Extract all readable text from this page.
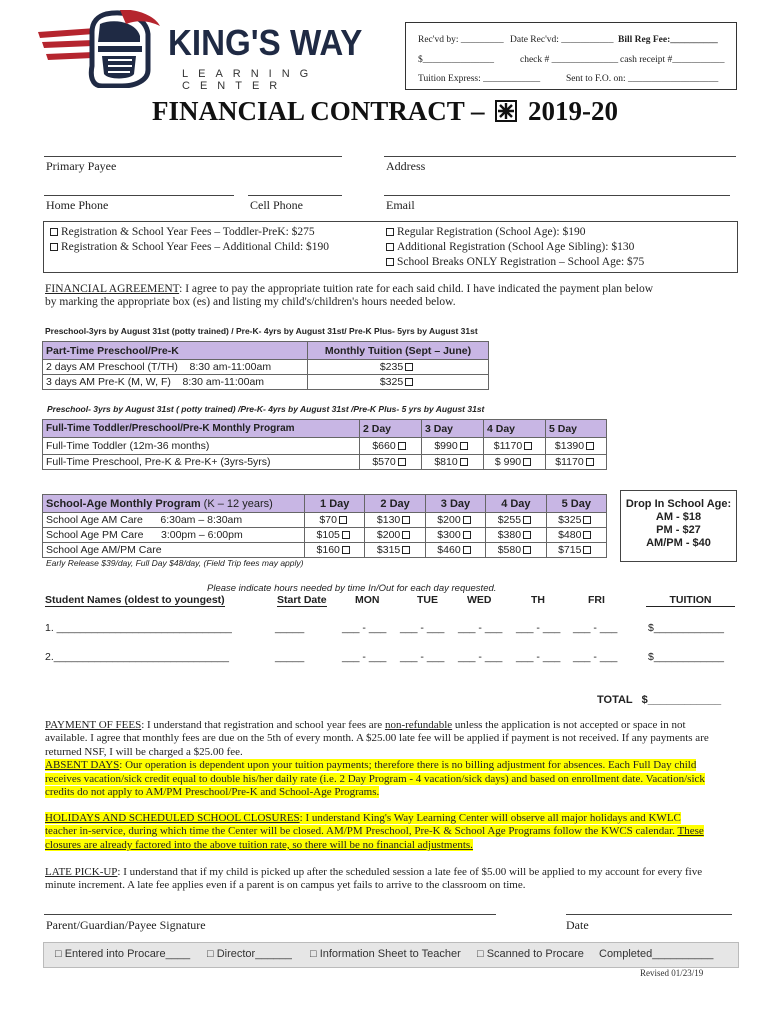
KING'S WAY
LEARNING CENTER
Rec'vd by: _________ Date Rec'vd: ___________ Bill Reg Fee:__________
$_______________	check # ______________ cash receipt #___________
Tuition Express: ____________	Sent to F.O. on: ___________________
FINANCIAL CONTRACT – 2019-20
Primary Payee	Address
Home Phone	Cell Phone	Email
Registration & School Year Fees – Toddler-PreK: $275
Registration & School Year Fees – Additional Child: $190
Regular Registration (School Age): $190
Additional Registration (School Age Sibling): $130
School Breaks ONLY Registration – School Age: $75
FINANCIAL AGREEMENT: I agree to pay the appropriate tuition rate for each said child. I have indicated the payment plan below
by marking the appropriate box (es) and listing my child's/children's hours needed below.
Preschool-3yrs by August 31st (potty trained) / Pre-K- 4yrs by August 31st/ Pre-K Plus- 5yrs by August 31st
Part-Time Preschool/Pre-K	Monthly Tuition (Sept – June)
2 days AM Preschool (T/TH) 8:30 am-11:00am	$235
3 days AM Pre-K (M, W, F) 8:30 am-11:00am	$325
Preschool- 3yrs by August 31st ( potty trained) /Pre-K- 4yrs by August 31st /Pre-K Plus- 5 yrs by August 31st
Full-Time Toddler/Preschool/Pre-K Monthly Program	2 Day	3 Day	4 Day	5 Day
Full-Time Toddler (12m-36 months)	$660	$990	$1170	$1390
Full-Time Preschool, Pre-K & Pre-K+ (3yrs-5yrs)	$570	$810	$ 990	$1170
School-Age Monthly Program (K – 12 years)	1 Day	2 Day	3 Day	4 Day	5 Day
School Age AM Care 6:30am – 8:30am	$70	$130	$200	$255	$325
School Age PM Care 3:00pm – 6:00pm	$105	$200	$300	$380	$480
School Age AM/PM Care	$160	$315	$460	$580	$715
Early Release $39/day, Full Day $48/day, (Field Trip fees may apply)
Drop In School Age:
AM - $18
PM - $27
AM/PM - $40
Please indicate hours needed by time In/Out for each day requested.
Student Names (oldest to youngest)	Start Date	MON	TUE	WED	TH	FRI	TUITION
1. ______________________________	_____	___ - ___ ___ - ___ ___ - ___ ___ - ___ ___ - ___	$____________
2.______________________________	_____	___ - ___ ___ - ___ ___ - ___ ___ - ___ ___ - ___	$____________
TOTAL   $____________
PAYMENT OF FEES: I understand that registration and school year fees are non-refundable unless the application is not accepted or space in not
available. I agree that monthly fees are due on the 5th of every month. A $25.00 late fee will be applied if payment is not received. If any payments are
returned NSF, I will be charged a $25.00 fee.
ABSENT DAYS: Our operation is dependent upon your tuition payments; therefore there is no billing adjustment for absences. Each Full Day child
receives vacation/sick credit equal to double his/her daily rate (i.e. 2 Day Program - 4 vacation/sick days) and based on enrollment date. Vacation/sick
credits do not apply to AM/PM Preschool/Pre-K and School-Age Programs.
HOLIDAYS AND SCHEDULED SCHOOL CLOSURES: I understand King's Way Learning Center will observe all major holidays and KWLC
teacher in-service, during which time the Center will be closed. AM/PM Preschool, Pre-K & School Age Programs follow the KWCS calendar. These
closures are already factored into the above tuition rate, so there will be no financial adjustments.
LATE PICK-UP: I understand that if my child is picked up after the scheduled session a late fee of $5.00 will be applied to my account for every five
minute increment. A late fee applies even if a parent is on campus yet fails to arrive to the classroom on time.
Parent/Guardian/Payee Signature	Date
□ Entered into Procare____ □ Director______ □ Information Sheet to Teacher □ Scanned to Procare Completed__________
Revised 01/23/19
